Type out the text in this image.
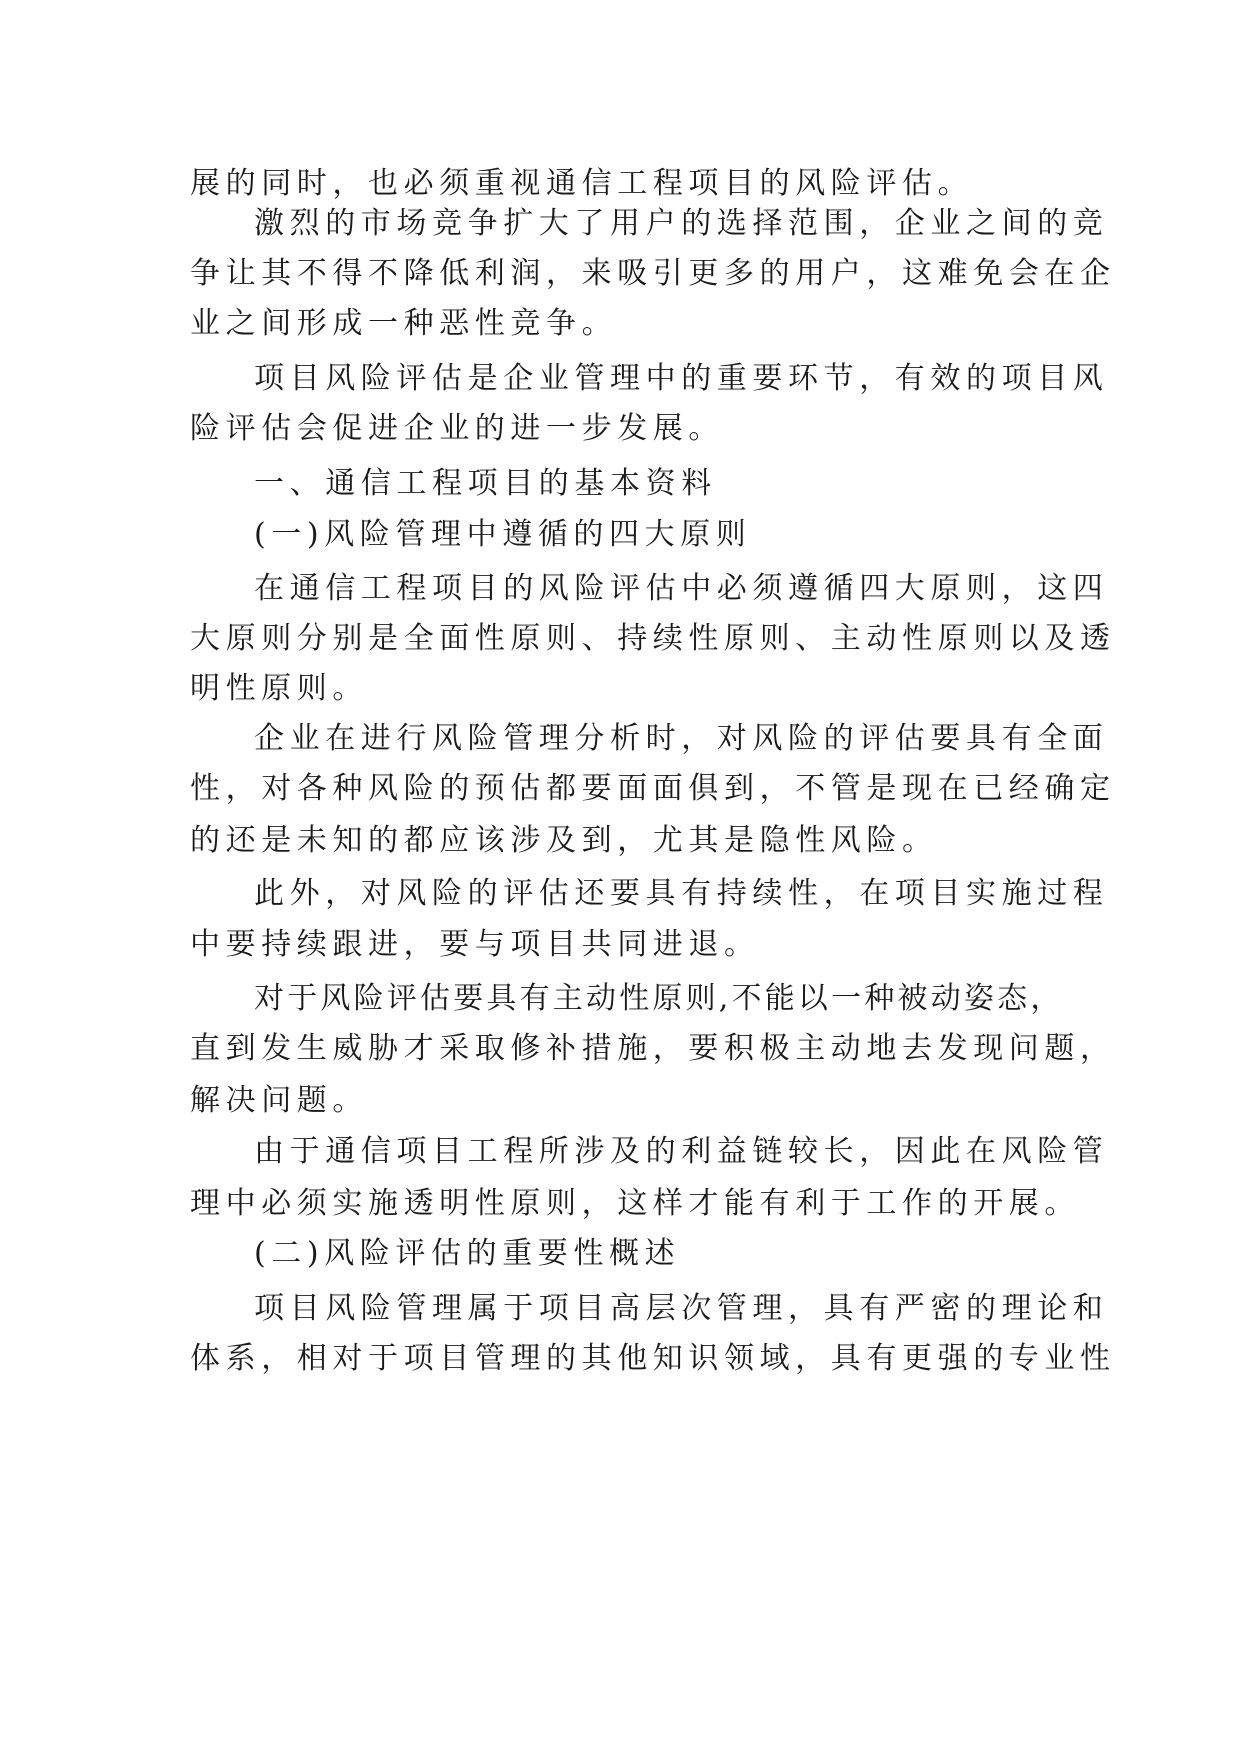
展的同时，也必须重视通信工程项目的风险评估。
激烈的市场竞争扩大了用户的选择范围，企业之间的竞
争让其不得不降低利润，来吸引更多的用户，这难免会在企
业之间形成一种恶性竞争。
项目风险评估是企业管理中的重要环节，有效的项目风
险评估会促进企业的进一步发展。
一、通信工程项目的基本资料
(一)风险管理中遵循的四大原则
在通信工程项目的风险评估中必须遵循四大原则，这四
大原则分别是全面性原则、持续性原则、主动性原则以及透
明性原则。
企业在进行风险管理分析时，对风险的评估要具有全面
性，对各种风险的预估都要面面俱到，不管是现在已经确定
的还是未知的都应该涉及到，尤其是隐性风险。
此外，对风险的评估还要具有持续性，在项目实施过程
中要持续跟进，要与项目共同进退。
对于风险评估要具有主动性原则,不能以一种被动姿态，
直到发生威胁才采取修补措施，要积极主动地去发现问题，
解决问题。
由于通信项目工程所涉及的利益链较长，因此在风险管
理中必须实施透明性原则，这样才能有利于工作的开展。
(二)风险评估的重要性概述
项目风险管理属于项目高层次管理，具有严密的理论和
体系，相对于项目管理的其他知识领域，具有更强的专业性
